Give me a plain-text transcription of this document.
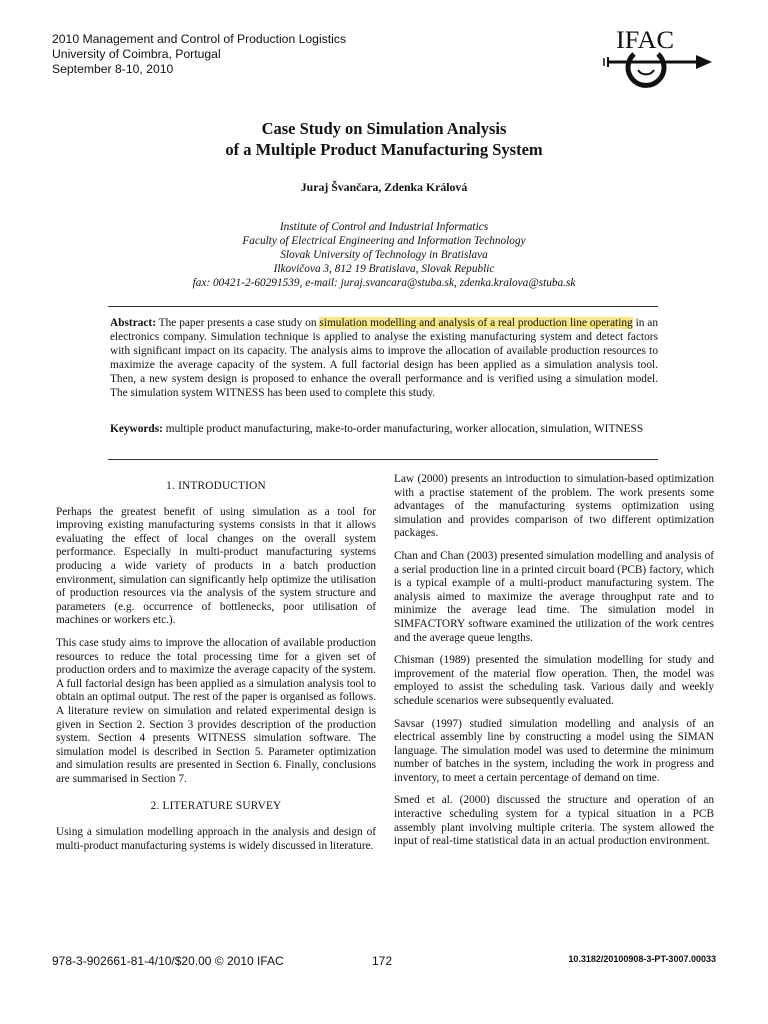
2010 Management and Control of Production Logistics
University of Coimbra, Portugal
September 8-10, 2010
IFAC
Case Study on Simulation Analysis
of a Multiple Product Manufacturing System
Juraj Švančara, Zdenka Králová
Institute of Control and Industrial Informatics
Faculty of Electrical Engineering and Information Technology
Slovak University of Technology in Bratislava
Ilkovičova 3, 812 19 Bratislava, Slovak Republic
fax: 00421-2-60291539, e-mail: juraj.svancara@stuba.sk, zdenka.kralova@stuba.sk
Abstract: The paper presents a case study on simulation modelling and analysis of a real production line operating in an electronics company. Simulation technique is applied to analyse the existing manufacturing system and detect factors with significant impact on its capacity. The analysis aims to improve the allocation of available production resources to maximize the average capacity of the system. A full factorial design has been applied as a simulation analysis tool. Then, a new system design is proposed to enhance the overall performance and is verified using a simulation model. The simulation system WITNESS has been used to complete this study.
Keywords: multiple product manufacturing, make-to-order manufacturing, worker allocation, simulation, WITNESS
1. INTRODUCTION

Perhaps the greatest benefit of using simulation as a tool for improving existing manufacturing systems consists in that it allows evaluating the effect of local changes on the overall system performance. Especially in multi-product manufacturing systems producing a wide variety of products in a batch production environment, simulation can significantly help optimize the utilisation of production resources via the analysis of the system structure and parameters (e.g. occurrence of bottlenecks, poor utilisation of machines or workers etc.).

This case study aims to improve the allocation of available production resources to reduce the total processing time for a given set of production orders and to maximize the average capacity of the system. A full factorial design has been applied as a simulation analysis tool to obtain an optimal output. The rest of the paper is organised as follows. A literature review on simulation and related experimental design is given in Section 2. Section 3 provides description of the production system. Section 4 presents WITNESS simulation software. The simulation model is described in Section 5. Parameter optimization and simulation results are presented in Section 6. Finally, conclusions are summarised in Section 7.

2. LITERATURE SURVEY

Using a simulation modelling approach in the analysis and design of multi-product manufacturing systems is widely discussed in literature.

Law (2000) presents an introduction to simulation-based optimization with a practise statement of the problem. The work presents some advantages of the manufacturing systems optimization using simulation and provides comparison of two different optimization packages.

Chan and Chan (2003) presented simulation modelling and analysis of a serial production line in a printed circuit board (PCB) factory, which is a typical example of a multi-product manufacturing system. The analysis aimed to maximize the average throughput rate and to minimize the average lead time. The simulation model in SIMFACTORY software examined the utilization of the work centres and the average queue lengths.

Chisman (1989) presented the simulation modelling for study and improvement of the material flow operation. Then, the model was employed to assist the scheduling task. Various daily and weekly schedule scenarios were subsequently evaluated.

Savsar (1997) studied simulation modelling and analysis of an electrical assembly line by constructing a model using the SIMAN language. The simulation model was used to determine the minimum number of batches in the system, including the work in progress and inventory, to meet a certain percentage of demand on time.

Smed et al. (2000) discussed the structure and operation of an interactive scheduling system for a typical situation in a PCB assembly plant involving multiple criteria. The system allowed the input of real-time statistical data in an actual production environment.

978-3-902661-81-4/10/$20.00 © 2010 IFAC	172	10.3182/20100908-3-PT-3007.00033
